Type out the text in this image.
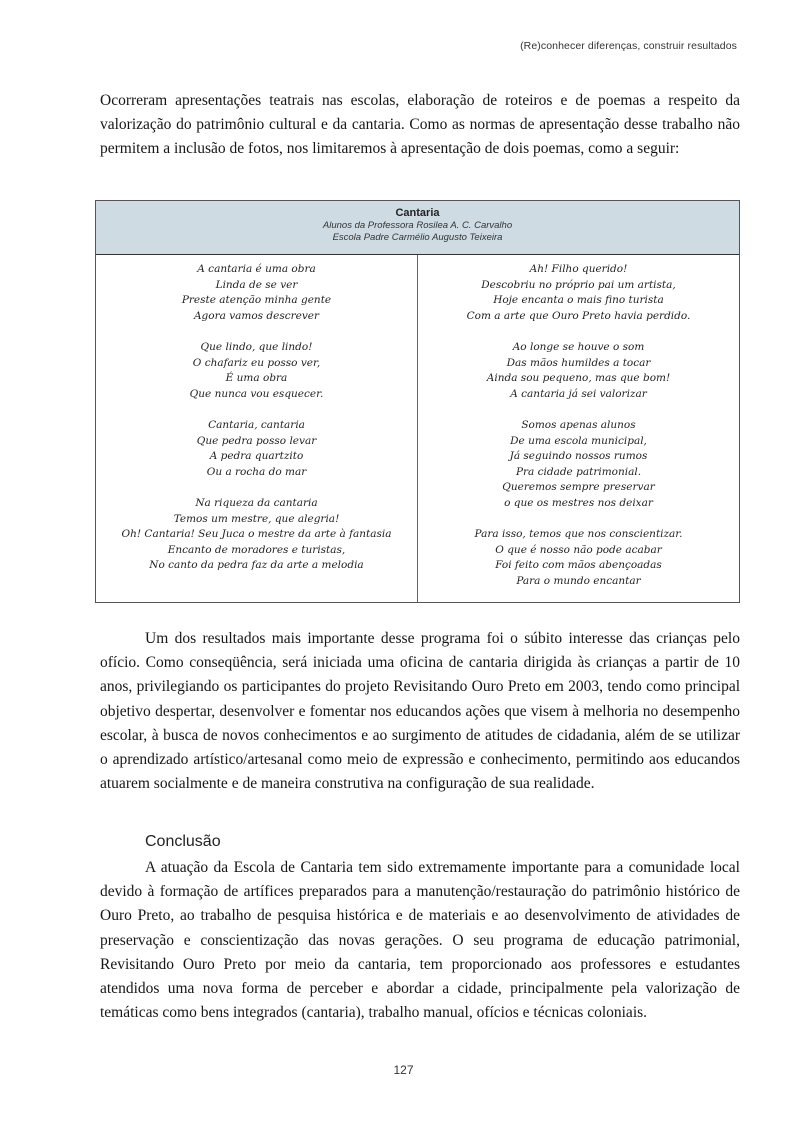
(Re)conhecer diferenças, construir resultados
Ocorreram apresentações teatrais nas escolas, elaboração de roteiros e de poemas a respeito da valorização do patrimônio cultural e da cantaria. Como as normas de apresentação desse trabalho não permitem a inclusão de fotos, nos limitaremos à apresentação de dois poemas, como a seguir:
Cantaria
Alunos da Professora Rosilea A. C. Carvalho
Escola Padre Carmélio Augusto Teixeira
A cantaria é uma obra
Linda de se ver
Preste atenção minha gente
Agora vamos descrever
Que lindo, que lindo!
O chafariz eu posso ver,
É uma obra
Que nunca vou esquecer.
Cantaria, cantaria
Que pedra posso levar
A pedra quartzito
Ou a rocha do mar
Na riqueza da cantaria
Temos um mestre, que alegria!
Oh! Cantaria! Seu Juca o mestre da arte à fantasia
Encanto de moradores e turistas,
No canto da pedra faz da arte a melodia
Ah! Filho querido!
Descobriu no próprio pai um artista,
Hoje encanta o mais fino turista
Com a arte que Ouro Preto havia perdido.
Ao longe se houve o som
Das mãos humildes a tocar
Ainda sou pequeno, mas que bom!
A cantaria já sei valorizar
Somos apenas alunos
De uma escola municipal,
Já seguindo nossos rumos
Pra cidade patrimonial.
Queremos sempre preservar
o que os mestres nos deixar
Para isso, temos que nos conscientizar.
O que é nosso não pode acabar
Foi feito com mãos abençoadas
Para o mundo encantar
Um dos resultados mais importante desse programa foi o súbito interesse das crianças pelo ofício. Como conseqüência, será iniciada uma oficina de cantaria dirigida às crianças a partir de 10 anos, privilegiando os participantes do projeto Revisitando Ouro Preto em 2003, tendo como principal objetivo despertar, desenvolver e fomentar nos educandos ações que visem à melhoria no desempenho escolar, à busca de novos conhecimentos e ao surgimento de atitudes de cidadania, além de se utilizar o aprendizado artístico/artesanal como meio de expressão e conhecimento, permitindo aos educandos atuarem socialmente e de maneira construtiva na configuração de sua realidade.
Conclusão
A atuação da Escola de Cantaria tem sido extremamente importante para a comunidade local devido à formação de artífices preparados para a manutenção/restauração do patrimônio histórico de Ouro Preto, ao trabalho de pesquisa histórica e de materiais e ao desenvolvimento de atividades de preservação e conscientização das novas gerações. O seu programa de educação patrimonial, Revisitando Ouro Preto por meio da cantaria, tem proporcionado aos professores e estudantes atendidos uma nova forma de perceber e abordar a cidade, principalmente pela valorização de temáticas como bens integrados (cantaria), trabalho manual, ofícios e técnicas coloniais.
127
